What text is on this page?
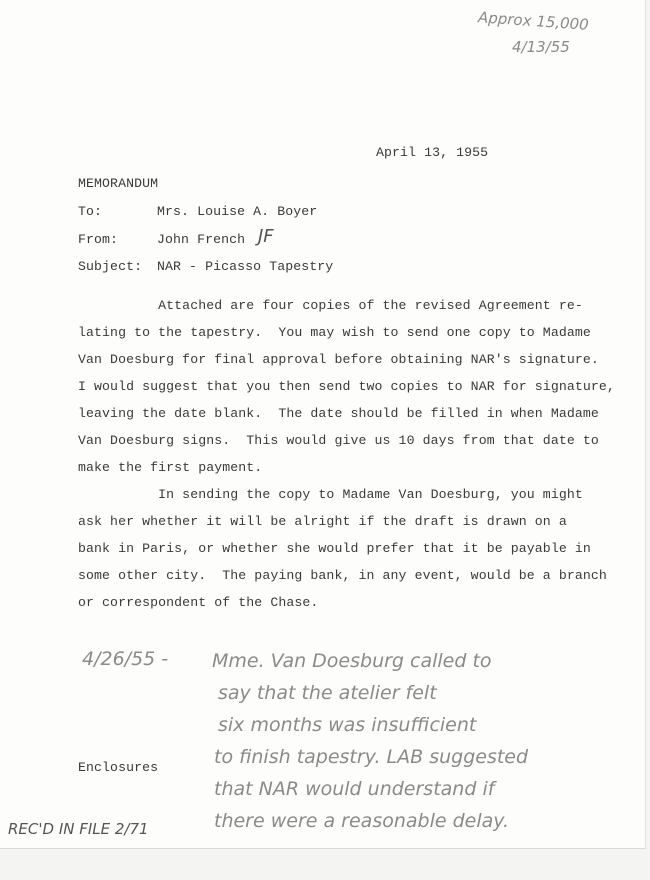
Approx 15,000
4/13/55
April 13, 1955
MEMORANDUM
To:	Mrs. Louise A. Boyer
From:	John French JF
Subject: NAR - Picasso Tapestry
Attached are four copies of the revised Agreement re-
lating to the tapestry.  You may wish to send one copy to Madame
Van Doesburg for final approval before obtaining NAR's signature.
I would suggest that you then send two copies to NAR for signature,
leaving the date blank.  The date should be filled in when Madame
Van Doesburg signs.  This would give us 10 days from that date to
make the first payment.
In sending the copy to Madame Van Doesburg, you might
ask her whether it will be alright if the draft is drawn on a
bank in Paris, or whether she would prefer that it be payable in
some other city.  The paying bank, in any event, would be a branch
or correspondent of the Chase.
4/26/55 - Mme. Van Doesburg called to
say that the atelier felt
six months was insufficient
to finish tapestry. LAB suggested
that NAR would understand if
there were a reasonable delay.
Enclosures
REC'D IN FILE 2/71
